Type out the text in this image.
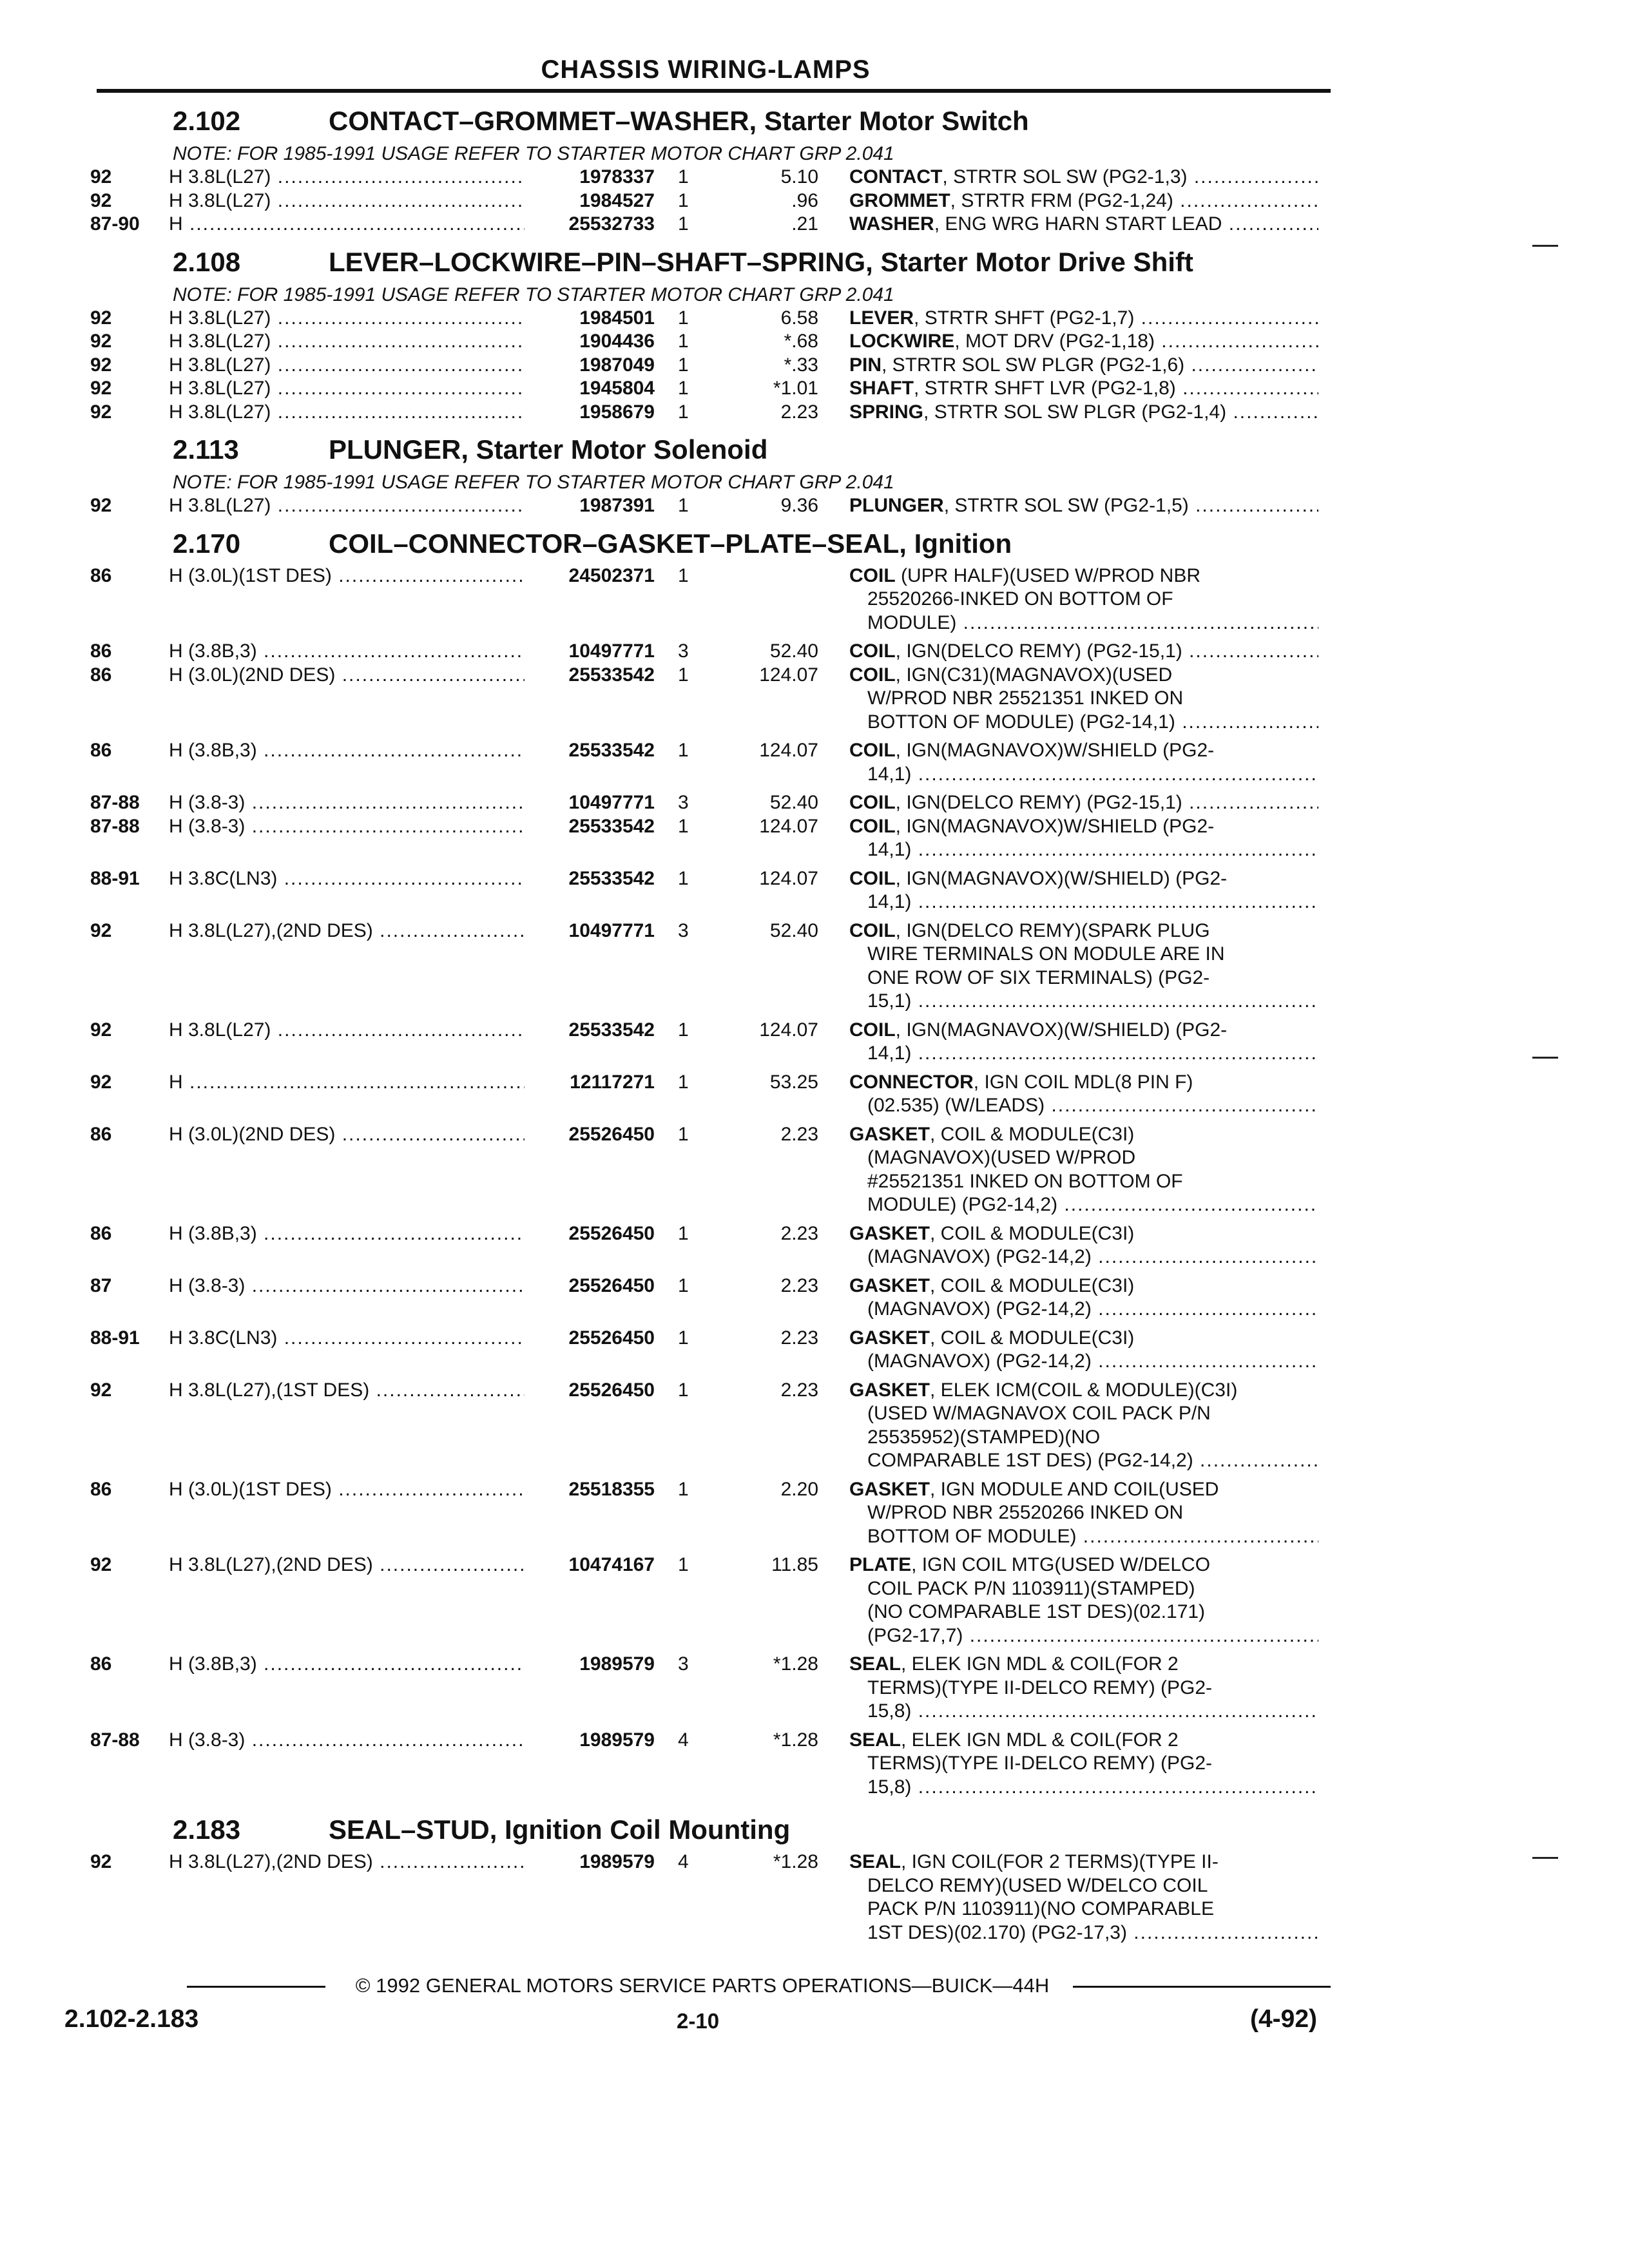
CHASSIS WIRING-LAMPS
2.102	CONTACT–GROMMET–WASHER, Starter Motor Switch
NOTE: FOR 1985-1991 USAGE REFER TO STARTER MOTOR CHART GRP 2.041
92	H 3.8L(L27) .....	1978337 1	5.10 CONTACT, STRTR SOL SW (PG2-1,3) .....
92	H 3.8L(L27) .....	1984527 1	.96 GROMMET, STRTR FRM (PG2-1,24) .....
87-90 H .....	25532733 1	.21 WASHER, ENG WRG HARN START LEAD .....
2.108	LEVER–LOCKWIRE–PIN–SHAFT–SPRING, Starter Motor Drive Shift
NOTE: FOR 1985-1991 USAGE REFER TO STARTER MOTOR CHART GRP 2.041
92	H 3.8L(L27) .....	1984501 1	6.58 LEVER, STRTR SHFT (PG2-1,7) .....
92	H 3.8L(L27) .....	1904436 1	*.68 LOCKWIRE, MOT DRV (PG2-1,18) .....
92	H 3.8L(L27) .....	1987049 1	*.33 PIN, STRTR SOL SW PLGR (PG2-1,6) .....
92	H 3.8L(L27) .....	1945804 1	*1.01 SHAFT, STRTR SHFT LVR (PG2-1,8) .....
92	H 3.8L(L27) .....	1958679 1	2.23 SPRING, STRTR SOL SW PLGR (PG2-1,4) .....
2.113	PLUNGER, Starter Motor Solenoid
NOTE: FOR 1985-1991 USAGE REFER TO STARTER MOTOR CHART GRP 2.041
92	H 3.8L(L27) .....	1987391 1	9.36 PLUNGER, STRTR SOL SW (PG2-1,5) .....
2.170	COIL–CONNECTOR–GASKET–PLATE–SEAL, Ignition
86	H (3.0L)(1ST DES) .....	24502371 1	COIL (UPR HALF)(USED W/PROD NBR
25520266-INKED ON BOTTOM OF
MODULE) .....
86	H (3.8B,3) .....	10497771 3	52.40 COIL, IGN(DELCO REMY) (PG2-15,1) .....
86	H (3.0L)(2ND DES) .....	25533542 1	124.07 COIL, IGN(C31)(MAGNAVOX)(USED
W/PROD NBR 25521351 INKED ON
BOTTON OF MODULE) (PG2-14,1) .....
86	H (3.8B,3) .....	25533542 1	124.07 COIL, IGN(MAGNAVOX)W/SHIELD (PG2-
14,1) .....
87-88 H (3.8-3) .....	10497771 3	52.40 COIL, IGN(DELCO REMY) (PG2-15,1) .....
87-88 H (3.8-3) .....	25533542 1	124.07 COIL, IGN(MAGNAVOX)W/SHIELD (PG2-
14,1) .....
88-91 H 3.8C(LN3) .....	25533542 1	124.07 COIL, IGN(MAGNAVOX)(W/SHIELD) (PG2-
14,1) .....
92	H 3.8L(L27),(2ND DES) .....	10497771 3	52.40 COIL, IGN(DELCO REMY)(SPARK PLUG
WIRE TERMINALS ON MODULE ARE IN
ONE ROW OF SIX TERMINALS) (PG2-
15,1) .....
92	H 3.8L(L27) .....	25533542 1	124.07 COIL, IGN(MAGNAVOX)(W/SHIELD) (PG2-
14,1) .....
92	H .....	12117271 1	53.25 CONNECTOR, IGN COIL MDL(8 PIN F)
(02.535) (W/LEADS) .....
86	H (3.0L)(2ND DES) .....	25526450 1	2.23 GASKET, COIL & MODULE(C3I)
(MAGNAVOX)(USED W/PROD
#25521351 INKED ON BOTTOM OF
MODULE) (PG2-14,2) .....
86	H (3.8B,3) .....	25526450 1	2.23 GASKET, COIL & MODULE(C3I)
(MAGNAVOX) (PG2-14,2) .....
87	H (3.8-3) .....	25526450 1	2.23 GASKET, COIL & MODULE(C3I)
(MAGNAVOX) (PG2-14,2) .....
88-91 H 3.8C(LN3) .....	25526450 1	2.23 GASKET, COIL & MODULE(C3I)
(MAGNAVOX) (PG2-14,2) .....
92	H 3.8L(L27),(1ST DES) .....	25526450 1	2.23 GASKET, ELEK ICM(COIL & MODULE)(C3I)
(USED W/MAGNAVOX COIL PACK P/N
25535952)(STAMPED)(NO
COMPARABLE 1ST DES) (PG2-14,2) .....
86	H (3.0L)(1ST DES) .....	25518355 1	2.20 GASKET, IGN MODULE AND COIL(USED
W/PROD NBR 25520266 INKED ON
BOTTOM OF MODULE) .....
92	H 3.8L(L27),(2ND DES) .....	10474167 1	11.85 PLATE, IGN COIL MTG(USED W/DELCO
COIL PACK P/N 1103911)(STAMPED)
(NO COMPARABLE 1ST DES)(02.171)
(PG2-17,7) .....
86	H (3.8B,3) .....	1989579 3	*1.28 SEAL, ELEK IGN MDL & COIL(FOR 2
TERMS)(TYPE II-DELCO REMY) (PG2-
15,8) .....
87-88 H (3.8-3) .....	1989579 4	*1.28 SEAL, ELEK IGN MDL & COIL(FOR 2
TERMS)(TYPE II-DELCO REMY) (PG2-
15,8) .....
2.183	SEAL–STUD, Ignition Coil Mounting
92	H 3.8L(L27),(2ND DES) .....	1989579 4	*1.28 SEAL, IGN COIL(FOR 2 TERMS)(TYPE II-
DELCO REMY)(USED W/DELCO COIL
PACK P/N 1103911)(NO COMPARABLE
1ST DES)(02.170) (PG2-17,3) .....
© 1992 GENERAL MOTORS SERVICE PARTS OPERATIONS—BUICK—44H
2.102-2.183	2-10	(4-92)
